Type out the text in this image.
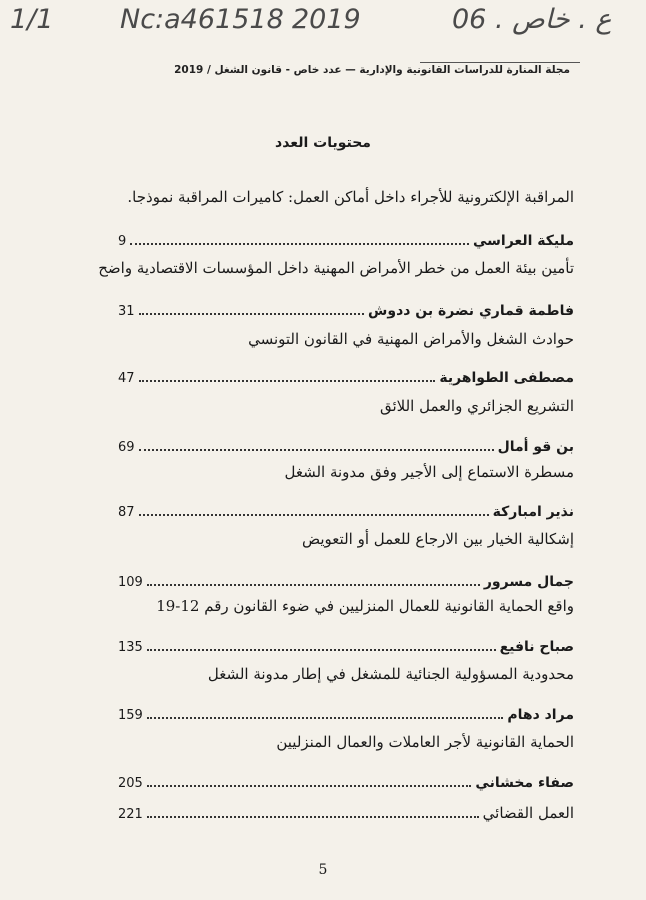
1/1 Nc:a461518 2019	ع . خاص . 06
مجلة المنارة للدراسات القانونية والإدارية — عدد خاص - قانون الشغل / 2019
محتويات العدد
المراقبة الإلكترونية للأجراء داخل أماكن العمل: كاميرات المراقبة نموذجا.
مليكة العراسي
9
تأمين بيئة العمل من خطر الأمراض المهنية داخل المؤسسات الاقتصادية واضح
فاطمة قماري نضرة بن ددوش
31
حوادث الشغل والأمراض المهنية في القانون التونسي
مصطفى الطواهرية
47
التشريع الجزائري والعمل اللائق
بن قو أمال
69
مسطرة الاستماع إلى الأجير وفق مدونة الشغل
نذير امباركة
87
إشكالية الخيار بين الارجاع للعمل أو التعويض
جمال مسرور
109
واقع الحماية القانونية للعمال المنزليين في ضوء القانون رقم 12-19
صباح نافيع
135
محدودية المسؤولية الجنائية للمشغل في إطار مدونة الشغل
مراد دهام
159
الحماية القانونية لأجر العاملات والعمال المنزليين
صفاء مخشاني
205
العمل القضائي
221
5
